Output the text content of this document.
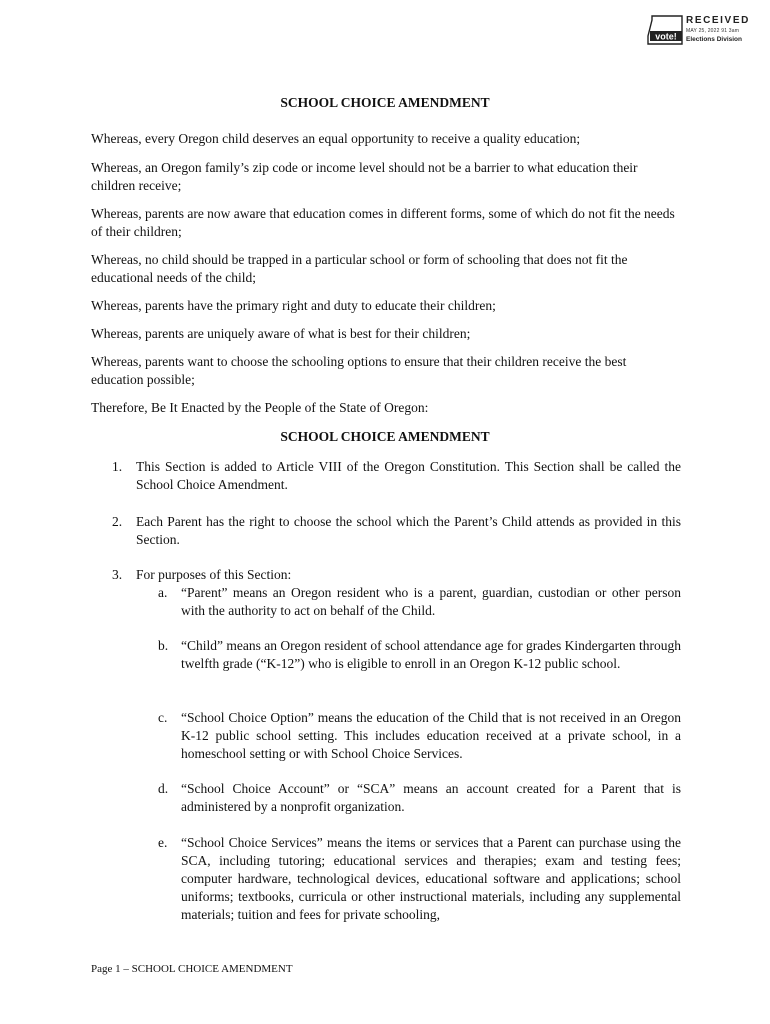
vote!
RECEIVED
MAY 25, 2022 91 3am
Elections Division
SCHOOL CHOICE AMENDMENT

Whereas, every Oregon child deserves an equal opportunity to receive a quality education;

Whereas, an Oregon family’s zip code or income level should not be a barrier to what education their children receive;

Whereas, parents are now aware that education comes in different forms, some of which do not fit the needs of their children;

Whereas, no child should be trapped in a particular school or form of schooling that does not fit the educational needs of the child;

Whereas, parents have the primary right and duty to educate their children;

Whereas, parents are uniquely aware of what is best for their children;

Whereas, parents want to choose the schooling options to ensure that their children receive the best education possible;

Therefore, Be It Enacted by the People of the State of Oregon:

SCHOOL CHOICE AMENDMENT
1. This Section is added to Article VIII of the Oregon Constitution. This Section shall be called the School Choice Amendment.

2. Each Parent has the right to choose the school which the Parent’s Child attends as provided in this Section.

3. For purposes of this Section:

a. “Parent” means an Oregon resident who is a parent, guardian, custodian or other person with the authority to act on behalf of the Child.

b. “Child” means an Oregon resident of school attendance age for grades Kindergarten through twelfth grade (“K-12”) who is eligible to enroll in an Oregon K-12 public school.

c. “School Choice Option” means the education of the Child that is not received in an Oregon K-12 public school setting. This includes education received at a private school, in a homeschool setting or with School Choice Services.

d. “School Choice Account” or “SCA” means an account created for a Parent that is administered by a nonprofit organization.

e. “School Choice Services” means the items or services that a Parent can purchase using the SCA, including tutoring; educational services and therapies; exam and testing fees; computer hardware, technological devices, educational software and applications; school uniforms; textbooks, curricula or other instructional materials, including any supplemental materials; tuition and fees for private schooling,

Page 1 – SCHOOL CHOICE AMENDMENT
